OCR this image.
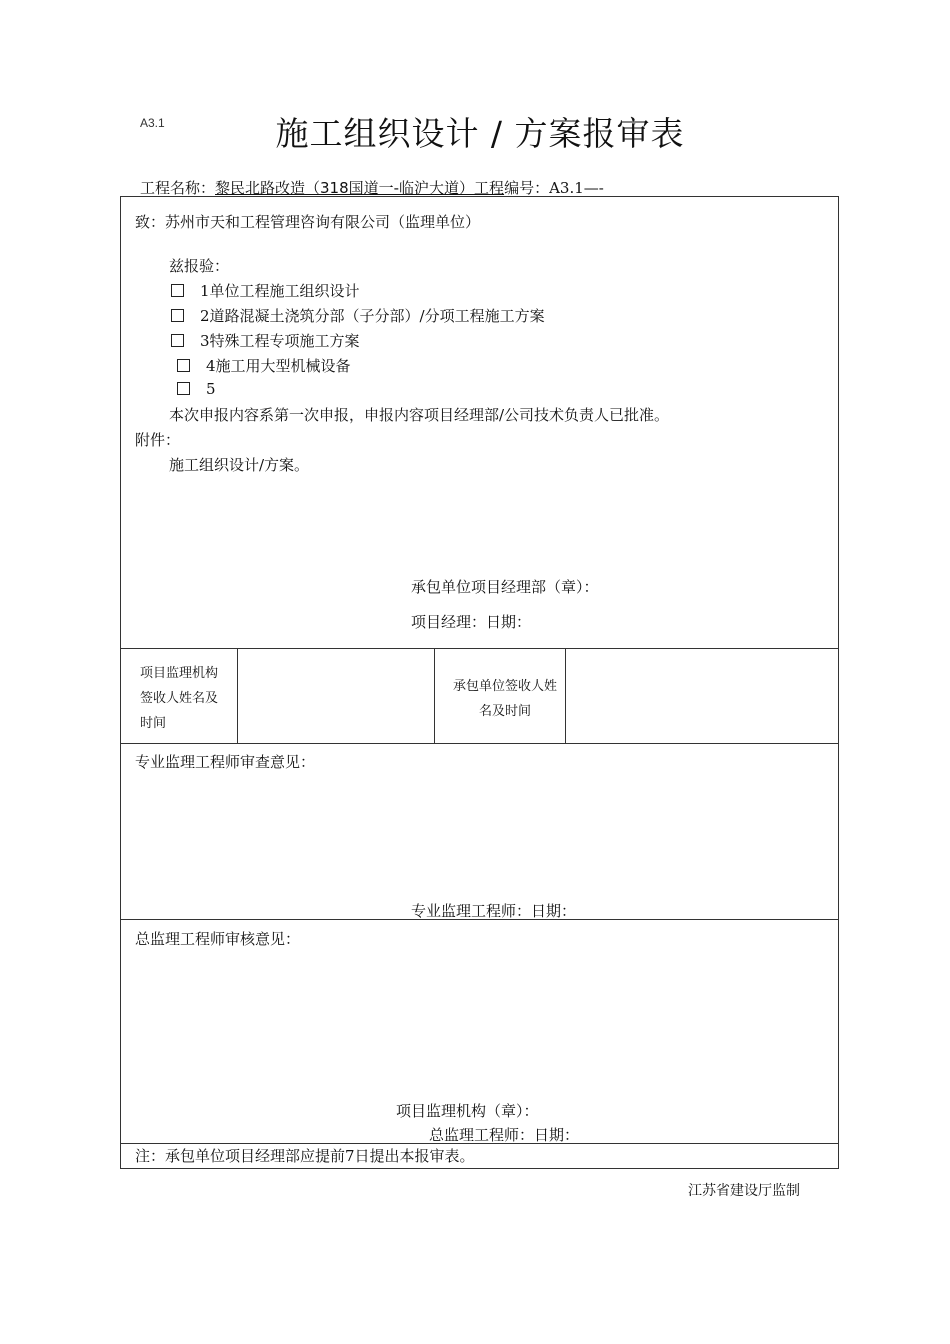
A3.1	施工组织设计 / 方案报审表
工程名称：黎民北路改造（318国道一-临沪大道）工程编号：A3.1—-
致：苏州市天和工程管理咨询有限公司（监理单位）
兹报验：
1单位工程施工组织设计
2道路混凝土浇筑分部（子分部）/分项工程施工方案
3特殊工程专项施工方案
4施工用大型机械设备
5
本次申报内容系第一次申报，申报内容项目经理部/公司技术负责人已批准。
附件：
施工组织设计/方案。
承包单位项目经理部（章）：
项目经理：日期：
项目监理机构签收人姓名及时间
承包单位签收人姓名及时间
专业监理工程师审查意见：
专业监理工程师：日期：
总监理工程师审核意见：
项目监理机构（章）：
总监理工程师：日期：
注：承包单位项目经理部应提前7日提出本报审表。
江苏省建设厅监制
